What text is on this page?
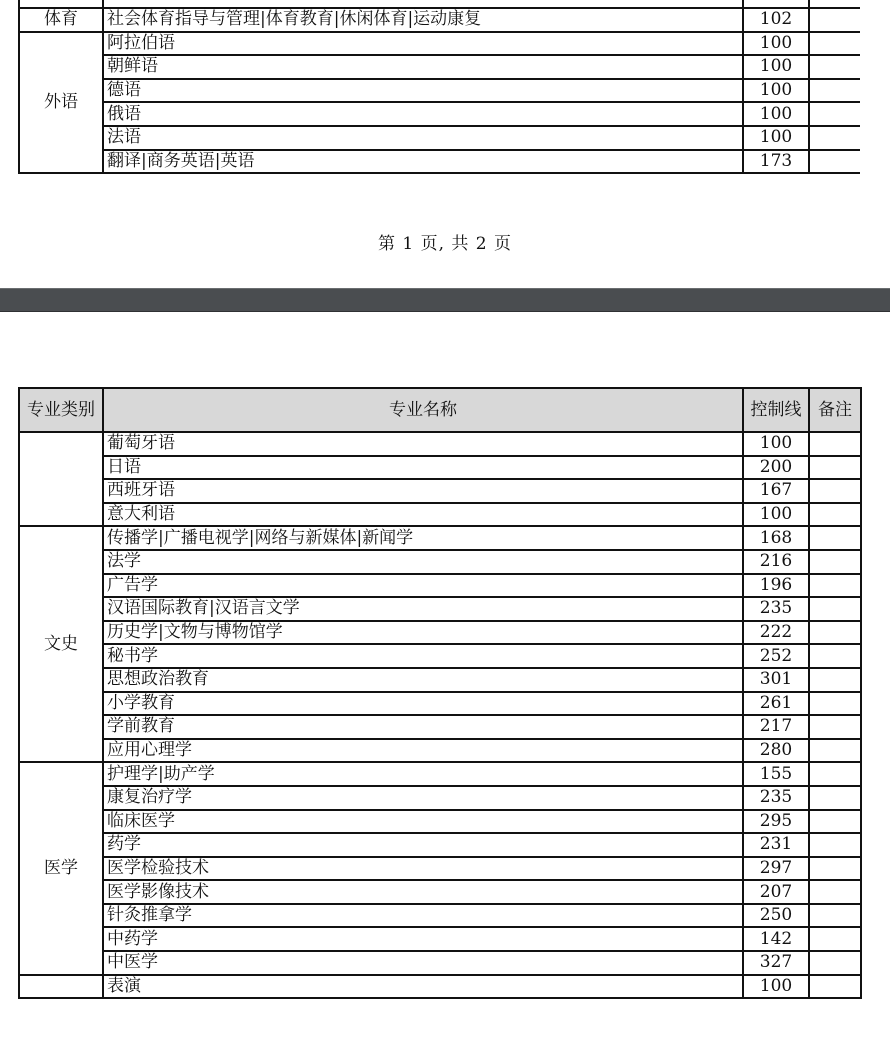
体育	社会体育指导与管理|体育教育|休闲体育|运动康复	102	
外语	阿拉伯语	100	
	朝鲜语	100	
	德语	100	
	俄语	100	
	法语	100	
	翻译|商务英语|英语	173	
第 1 页, 共 2 页
专业类别	专业名称	控制线	备注
	葡萄牙语	100	
	日语	200	
	西班牙语	167	
	意大利语	100	
文史	传播学|广播电视学|网络与新媒体|新闻学	168	
	法学	216	
	广告学	196	
	汉语国际教育|汉语言文学	235	
	历史学|文物与博物馆学	222	
	秘书学	252	
	思想政治教育	301	
	小学教育	261	
	学前教育	217	
	应用心理学	280	
医学	护理学|助产学	155	
	康复治疗学	235	
	临床医学	295	
	药学	231	
	医学检验技术	297	
	医学影像技术	207	
	针灸推拿学	250	
	中药学	142	
	中医学	327	
	表演	100	
